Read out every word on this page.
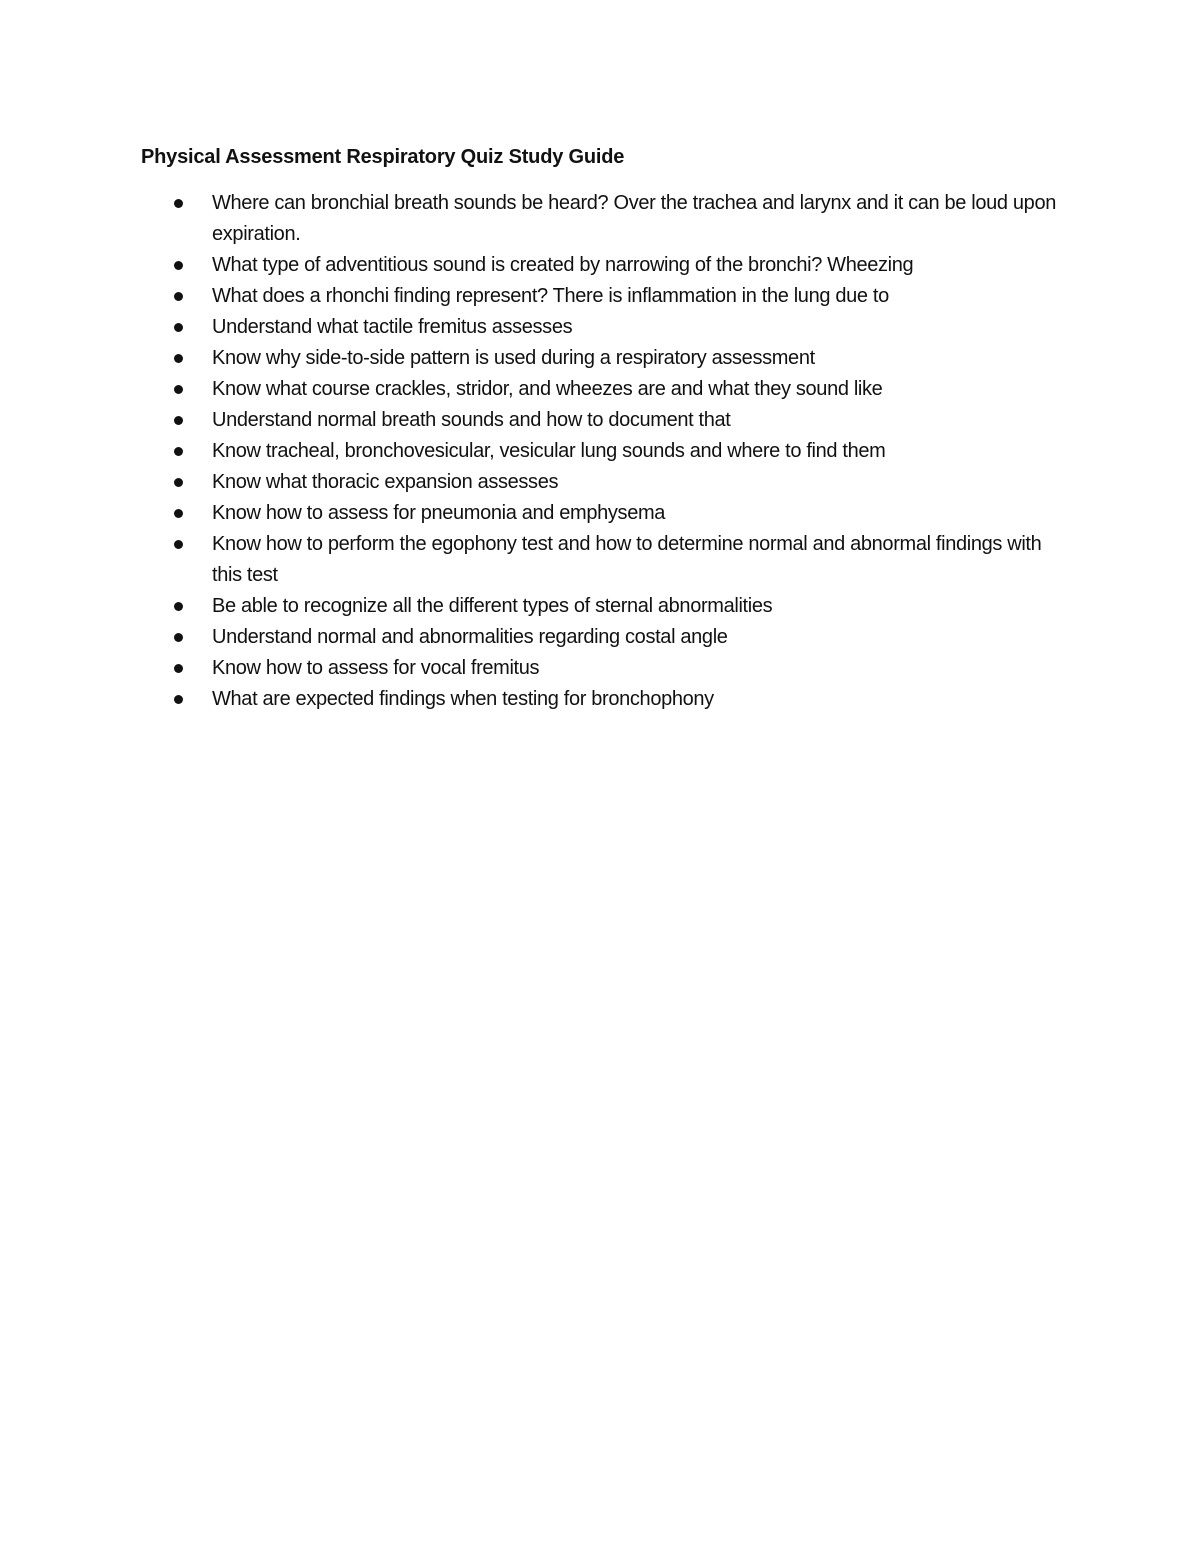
Physical Assessment Respiratory Quiz Study Guide
Where can bronchial breath sounds be heard? Over the trachea and larynx and it can be loud upon expiration.
What type of adventitious sound is created by narrowing of the bronchi? Wheezing
What does a rhonchi finding represent? There is inflammation in the lung due to
Understand what tactile fremitus assesses
Know why side-to-side pattern is used during a respiratory assessment
Know what course crackles, stridor, and wheezes are and what they sound like
Understand normal breath sounds and how to document that
Know tracheal, bronchovesicular, vesicular lung sounds and where to find them
Know what thoracic expansion assesses
Know how to assess for pneumonia and emphysema
Know how to perform the egophony test and how to determine normal and abnormal findings with this test
Be able to recognize all the different types of sternal abnormalities
Understand normal and abnormalities regarding costal angle
Know how to assess for vocal fremitus
What are expected findings when testing for bronchophony
